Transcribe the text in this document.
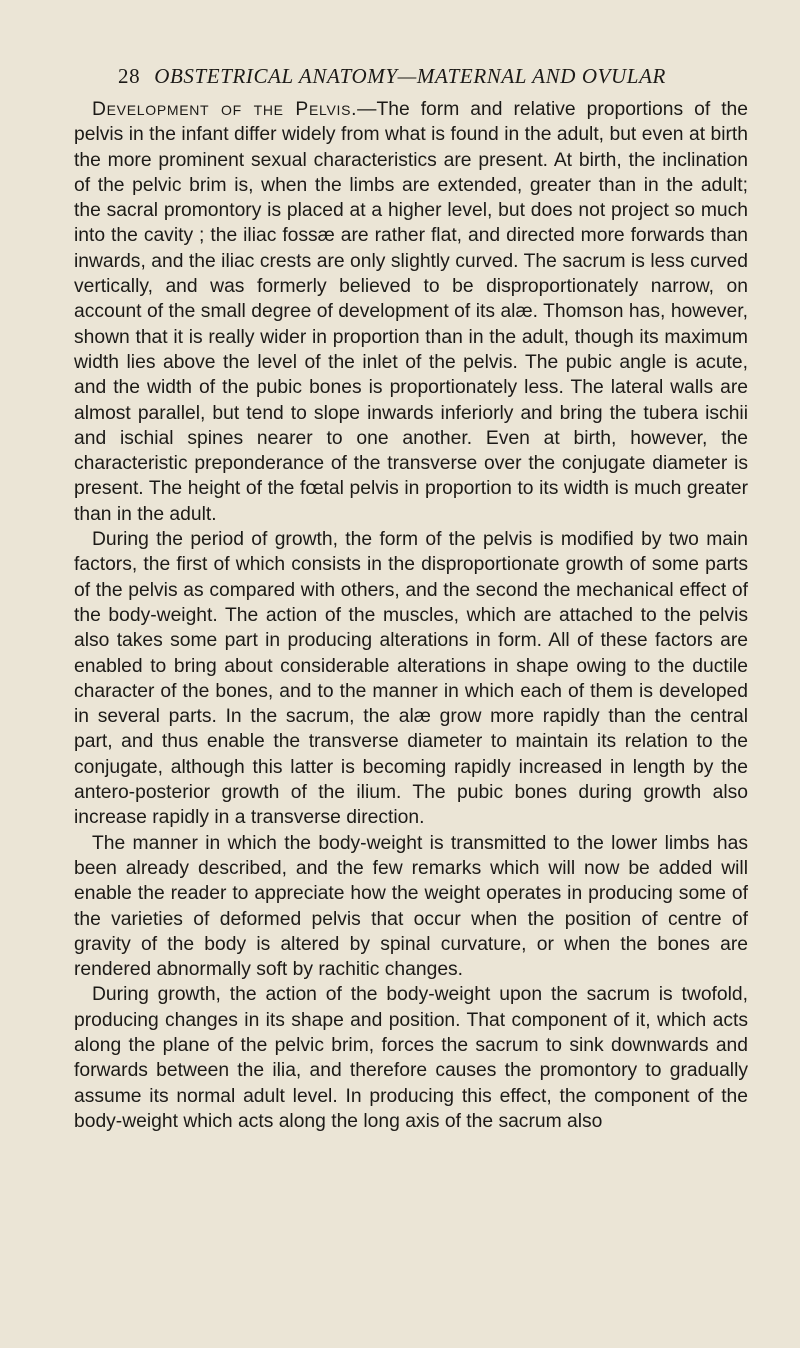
28 OBSTETRICAL ANATOMY—MATERNAL AND OVULAR

Development of the Pelvis.—The form and relative proportions of the pelvis in the infant differ widely from what is found in the adult, but even at birth the more prominent sexual characteristics are present. At birth, the inclination of the pelvic brim is, when the limbs are extended, greater than in the adult; the sacral promontory is placed at a higher level, but does not project so much into the cavity ; the iliac fossæ are rather flat, and directed more forwards than inwards, and the iliac crests are only slightly curved. The sacrum is less curved vertically, and was formerly believed to be disproportionately narrow, on account of the small degree of development of its alæ. Thomson has, however, shown that it is really wider in proportion than in the adult, though its maximum width lies above the level of the inlet of the pelvis. The pubic angle is acute, and the width of the pubic bones is proportionately less. The lateral walls are almost parallel, but tend to slope inwards inferiorly and bring the tubera ischii and ischial spines nearer to one another. Even at birth, however, the characteristic preponderance of the transverse over the conjugate diameter is present. The height of the fœtal pelvis in proportion to its width is much greater than in the adult.

During the period of growth, the form of the pelvis is modified by two main factors, the first of which consists in the disproportionate growth of some parts of the pelvis as compared with others, and the second the mechanical effect of the body-weight. The action of the muscles, which are attached to the pelvis also takes some part in producing alterations in form. All of these factors are enabled to bring about considerable alterations in shape owing to the ductile character of the bones, and to the manner in which each of them is developed in several parts. In the sacrum, the alæ grow more rapidly than the central part, and thus enable the transverse diameter to maintain its relation to the conjugate, although this latter is becoming rapidly increased in length by the antero-posterior growth of the ilium. The pubic bones during growth also increase rapidly in a transverse direction.

The manner in which the body-weight is transmitted to the lower limbs has been already described, and the few remarks which will now be added will enable the reader to appreciate how the weight operates in producing some of the varieties of deformed pelvis that occur when the position of centre of gravity of the body is altered by spinal curvature, or when the bones are rendered abnormally soft by rachitic changes.

During growth, the action of the body-weight upon the sacrum is twofold, producing changes in its shape and position. That component of it, which acts along the plane of the pelvic brim, forces the sacrum to sink downwards and forwards between the ilia, and therefore causes the promontory to gradually assume its normal adult level. In producing this effect, the component of the body-weight which acts along the long axis of the sacrum also
